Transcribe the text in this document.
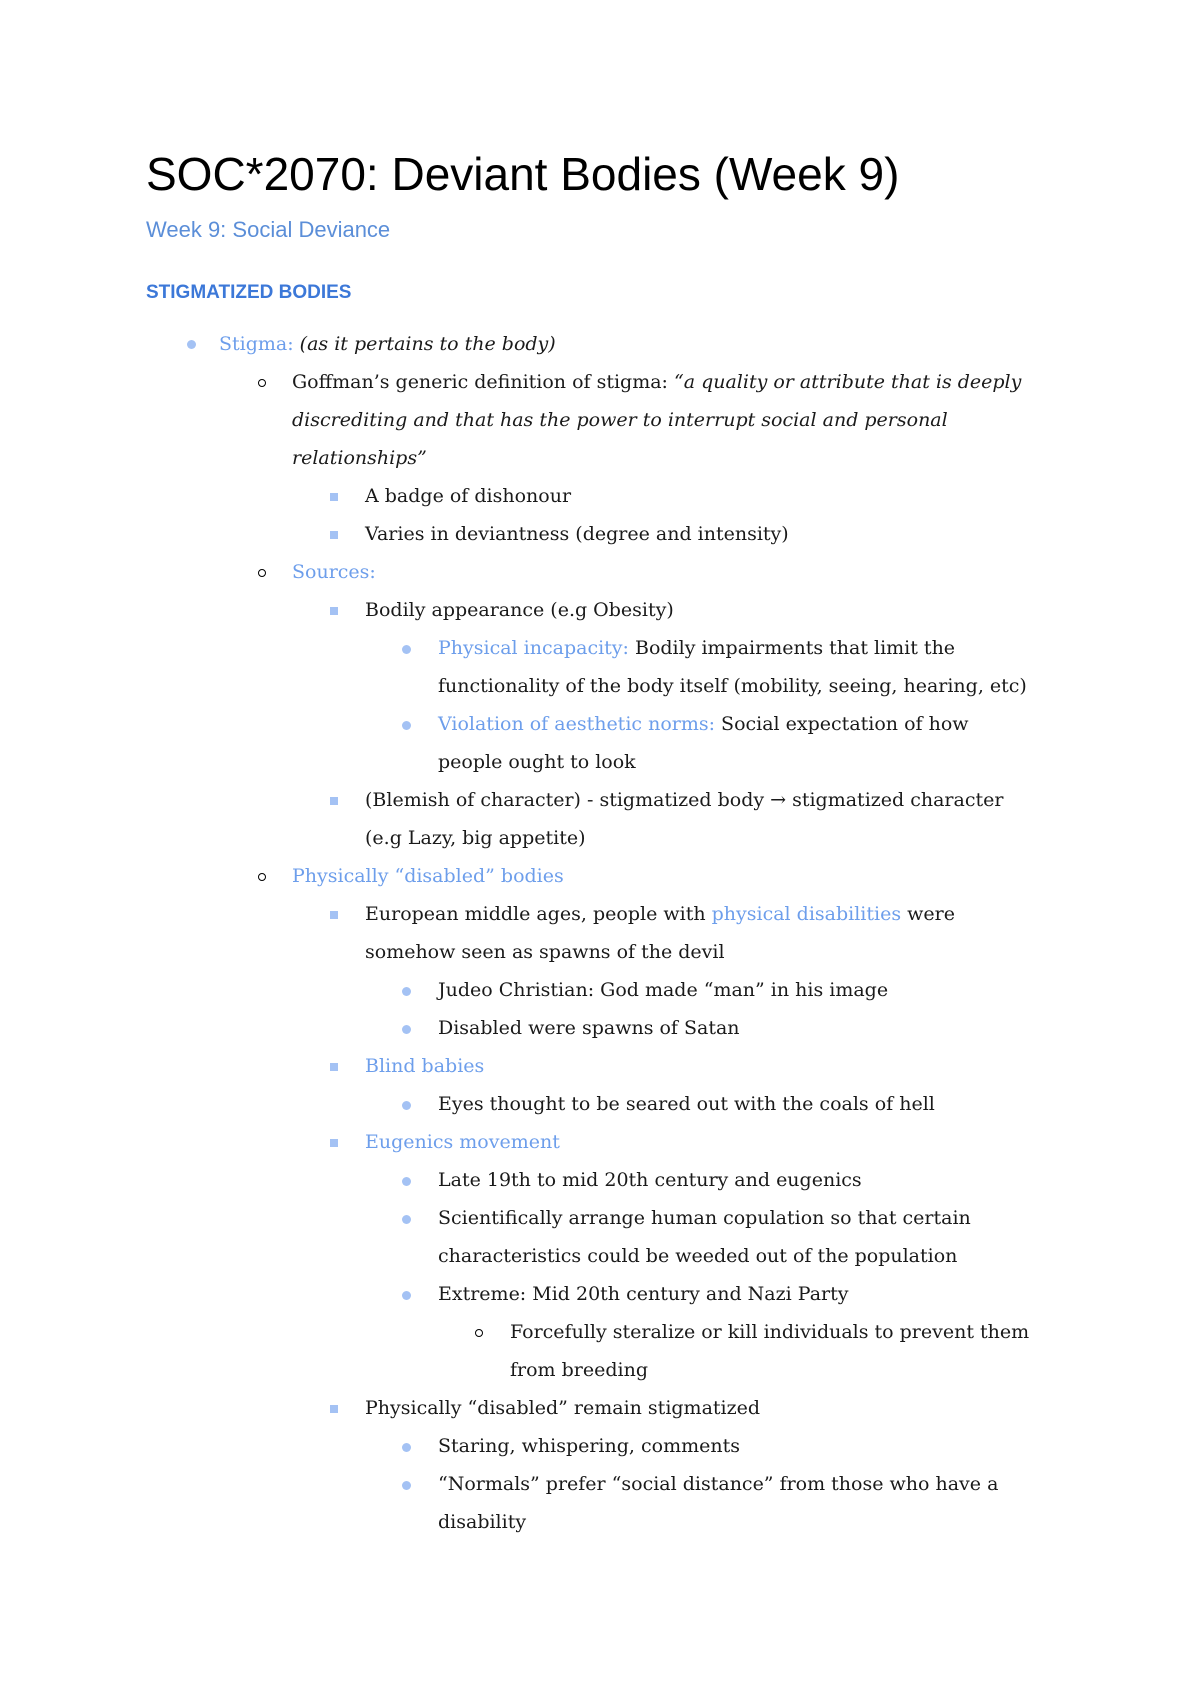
SOC*2070: Deviant Bodies (Week 9)
Week 9: Social Deviance
STIGMATIZED BODIES
Stigma: (as it pertains to the body)
Goffman’s generic definition of stigma: “a quality or attribute that is deeply
discrediting and that has the power to interrupt social and personal
relationships”
A badge of dishonour
Varies in deviantness (degree and intensity)
Sources:
Bodily appearance (e.g Obesity)
Physical incapacity: Bodily impairments that limit the
functionality of the body itself (mobility, seeing, hearing, etc)
Violation of aesthetic norms: Social expectation of how
people ought to look
(Blemish of character) - stigmatized body → stigmatized character
(e.g Lazy, big appetite)
Physically “disabled” bodies
European middle ages, people with physical disabilities were
somehow seen as spawns of the devil
Judeo Christian: God made “man” in his image
Disabled were spawns of Satan
Blind babies
Eyes thought to be seared out with the coals of hell
Eugenics movement
Late 19th to mid 20th century and eugenics
Scientifically arrange human copulation so that certain
characteristics could be weeded out of the population
Extreme: Mid 20th century and Nazi Party
Forcefully steralize or kill individuals to prevent them
from breeding
Physically “disabled” remain stigmatized
Staring, whispering, comments
“Normals” prefer “social distance” from those who have a
disability
